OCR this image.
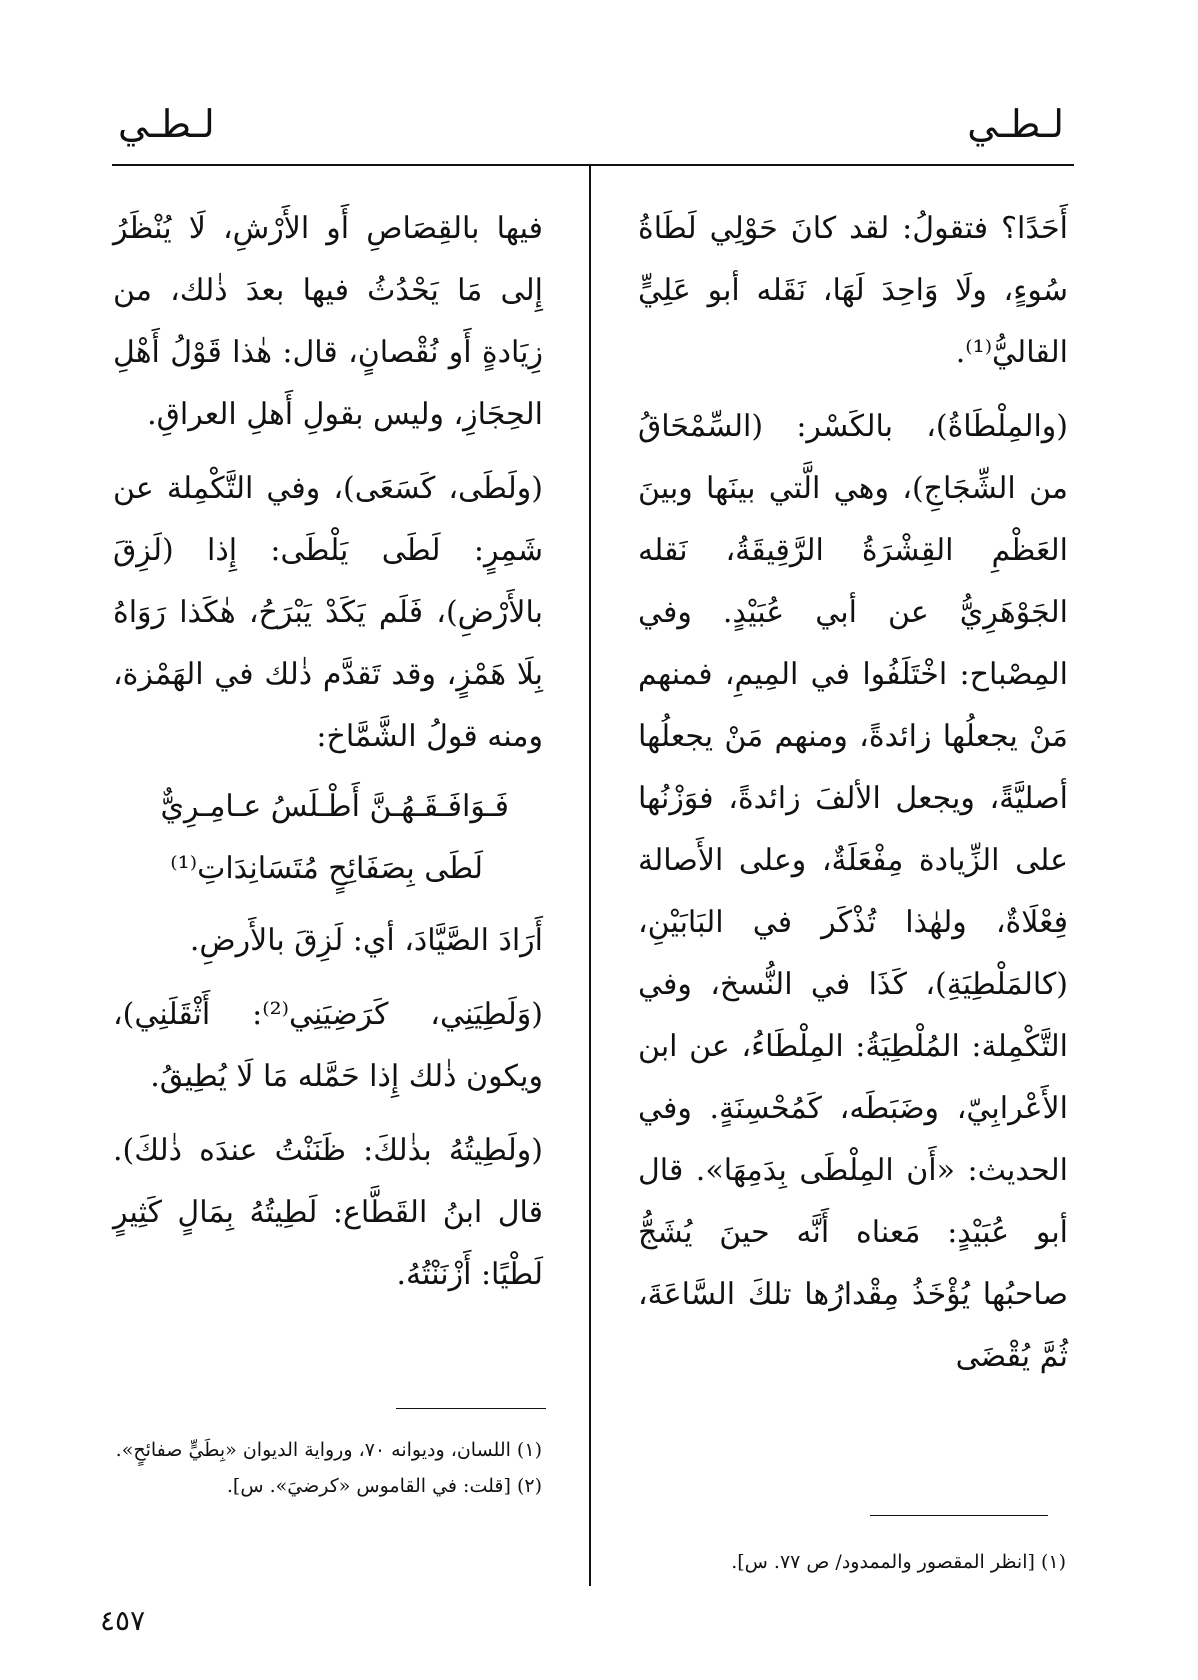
لـطـي
لـطـي

أَحَدًا؟ فتقولُ: لقد كانَ حَوْلِي لَطَاةُ سُوءٍ، ولَا وَاحِدَ لَهَا، نَقَله أبو عَلِيٍّ القاليُّ⁽¹⁾.

(والمِلْطَاةُ)، بالكَسْر: (السِّمْحَاقُ من الشِّجَاجِ)، وهي الَّتي بينَها وبينَ العَظْمِ القِشْرَةُ الرَّقِيقَةُ، نَقله الجَوْهَرِيُّ عن أبي عُبَيْدٍ. وفي المِصْباح: اخْتَلَفُوا في المِيمِ، فمنهم مَنْ يجعلُها زائدةً، ومنهم مَنْ يجعلُها أصليَّةً، ويجعل الألفَ زائدةً، فوَزْنُها على الزِّيادة مِفْعَلَةٌ، وعلى الأَصالة فِعْلَاةٌ، ولهٰذا تُذْكَر في البَابَيْنِ، (كالمَلْطِيَةِ)، كَذَا في النُّسخ، وفي التَّكْمِلة: المُلْطِيَةُ: المِلْطَاءُ، عن ابن الأَعْرابِيّ، وضَبَطَه، كَمُحْسِنَةٍ. وفي الحديث: «أَن المِلْطَى بِدَمِهَا». قال أبو عُبَيْدٍ: مَعناه أَنَّه حينَ يُشَجُّ صاحبُها يُؤْخَذُ مِقْدارُها تلكَ السَّاعَةَ، ثُمَّ يُقْضَى

فيها بالقِصَاصِ أَو الأَرْشِ، لَا يُنْظَرُ إِلى مَا يَحْدُثُ فيها بعدَ ذٰلك، من زِيَادةٍ أَو نُقْصانٍ، قال: هٰذا قَوْلُ أَهْلِ الحِجَازِ، وليس بقولِ أَهلِ العراقِ.

(ولَطَى، كَسَعَى)، وفي التَّكْمِلة عن شَمِرٍ: لَطَى يَلْطَى: إِذا (لَزِقَ بالأَرْضِ)، فَلَم يَكَدْ يَبْرَحُ، هٰكَذا رَوَاهُ بِلَا هَمْزٍ، وقد تَقدَّم ذٰلك في الهَمْزة، ومنه قولُ الشَّمَّاخ:

فَـوَافَـقَـهُـنَّ أَطْـلَسُ عـامِـرِيٌّ

لَطَى بِصَفَائِحٍ مُتَسَانِدَاتِ⁽¹⁾

أَرَادَ الصَّيَّادَ، أي: لَزِقَ بالأَرضِ.

(وَلَطِيَنِي، كَرَضِيَنِي⁽²⁾: أَثْقَلَنِي)، ويكون ذٰلك إِذا حَمَّله مَا لَا يُطِيقُ.

(ولَطِيتُهُ بذٰلكَ: ظَنَنْتُ عندَه ذٰلكَ). قال ابنُ القَطَّاع: لَطِيتُهُ بِمَالٍ كَثِيرٍ لَطْيًا: أَزْنَنْتُهُ.

(١) [انظر المقصور والممدود/ ص ٧٧. س].

(١) اللسان، وديوانه ٧٠، ورواية الديوان «بِطَيٍّ صفائحٍ».

(٢) [قلت: في القاموس «كرضيَ». س].

٤٥٧
